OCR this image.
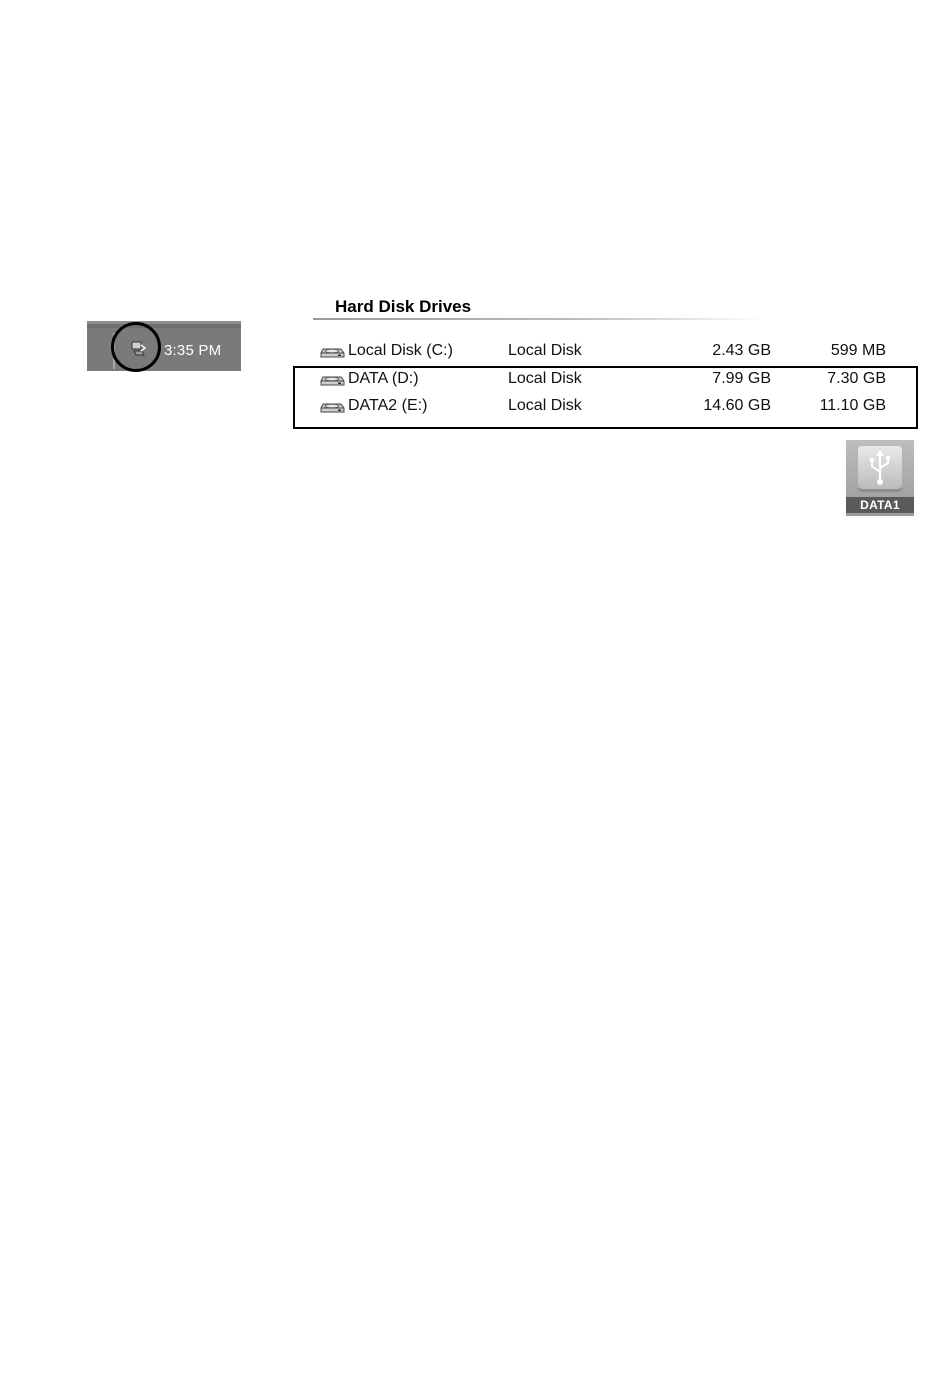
3:35 PM
Hard Disk Drives
Local Disk (C:)	Local Disk	2.43 GB	599 MB
DATA (D:)	Local Disk	7.99 GB	7.30 GB
DATA2 (E:)	Local Disk	14.60 GB	11.10 GB
DATA1
